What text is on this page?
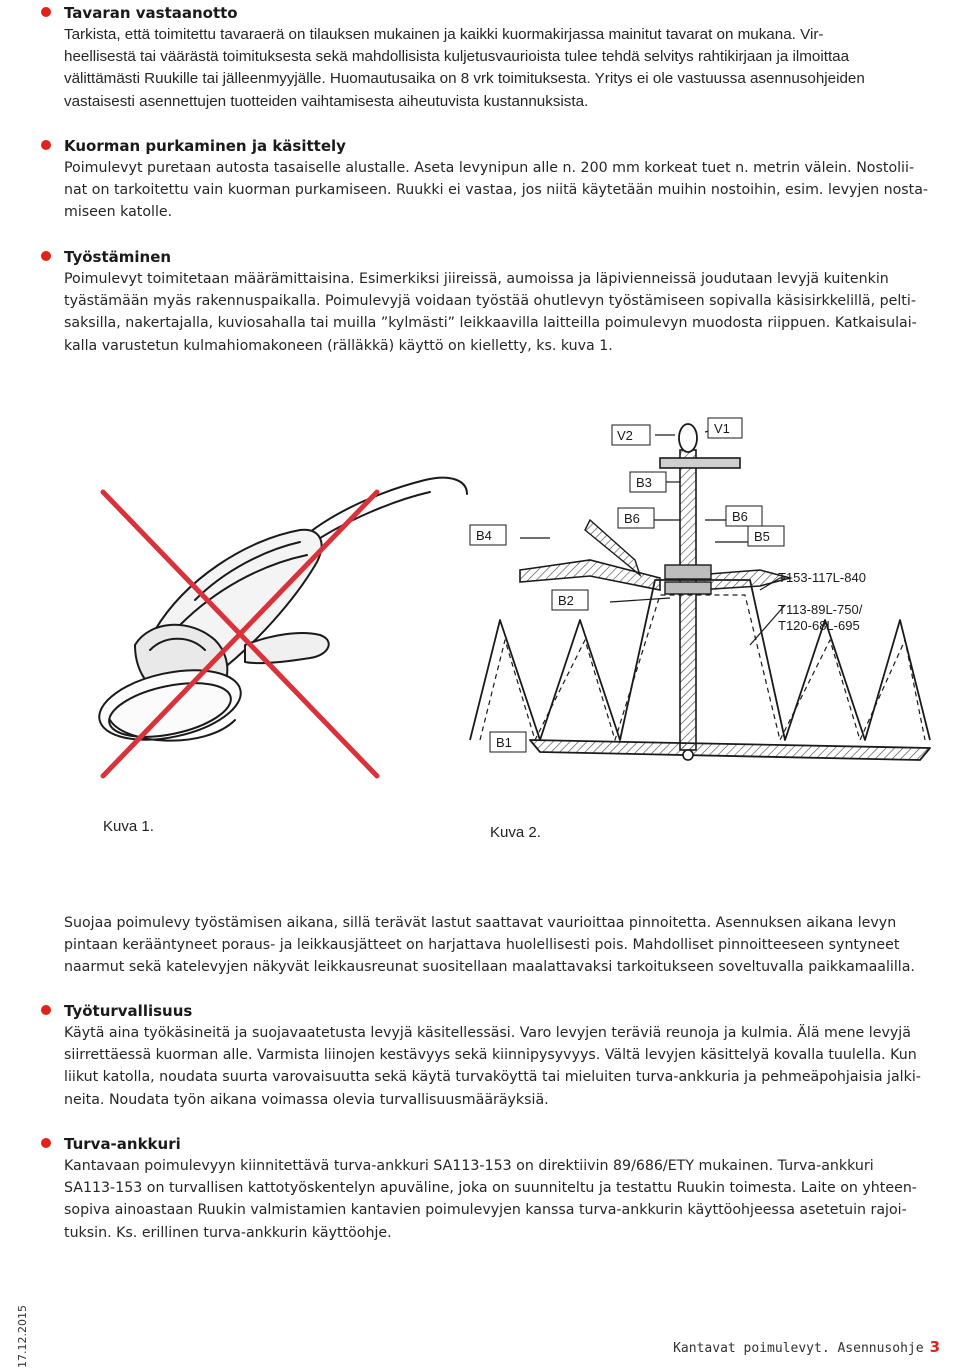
Tavaran vastaanotto
Tarkista, että toimitettu tavaraerä on tilauksen mukainen ja kaikki kuormakirjassa mainitut tavarat on mukana. Vir-
heellisestä tai väärästä toimituksesta sekä mahdollisista kuljetusvaurioista tulee tehdä selvitys rahtikirjaan ja ilmoittaa
välittämästi Ruukille tai jälleenmyyjälle. Huomautusaika on 8 vrk toimituksesta. Yritys ei ole vastuussa asennusohjeiden
vastaisesti asennettujen tuotteiden vaihtamisesta aiheutuvista kustannuksista.
Kuorman purkaminen ja käsittely
Poimulevyt puretaan autosta tasaiselle alustalle. Aseta levynipun alle n. 200 mm korkeat tuet n. metrin välein. Nostolii-
nat on tarkoitettu vain kuorman purkamiseen. Ruukki ei vastaa, jos niitä käytetään muihin nostoihin, esim. levyjen nosta-
miseen katolle.
Työstäminen
Poimulevyt toimitetaan määrämittaisina. Esimerkiksi jiireissä, aumoissa ja läpivienneissä joudutaan levyjä kuitenkin
tyästämään myäs rakennuspaikalla. Poimulevyjä voidaan työstää ohutlevyn työstämiseen sopivalla käsisirkkelillä, pelti-
saksilla, nakertajalla, kuviosahalla tai muilla ”kylmästi” leikkaavilla laitteilla poimulevyn muodosta riippuen. Katkaisulai-
kalla varustetun kulmahiomakoneen (rälläkkä) käyttö on kielletty, ks. kuva 1.
V2	V1
B3
B6	B6
B5
B4
B2
B1
T153-117L-840
T113-89L-750/
T120-68L-695
Kuva 1.	Kuva 2.
Suojaa poimulevy työstämisen aikana, sillä terävät lastut saattavat vaurioittaa pinnoitetta. Asennuksen aikana levyn
pintaan kerääntyneet poraus- ja leikkausjätteet on harjattava huolellisesti pois. Mahdolliset pinnoitteeseen syntyneet
naarmut sekä katelevyjen näkyvät leikkausreunat suositellaan maalattavaksi tarkoitukseen soveltuvalla paikkamaalilla.
Työturvallisuus
Käytä aina työkäsineitä ja suojavaatetusta levyjä käsitellessäsi. Varo levyjen teräviä reunoja ja kulmia. Älä mene levyjä
siirrettäessä kuorman alle. Varmista liinojen kestävyys sekä kiinnipysyvyys. Vältä levyjen käsittelyä kovalla tuulella. Kun
liikut katolla, noudata suurta varovaisuutta sekä käytä turvaköyttä tai mieluiten turva-ankkuria ja pehmeäpohjaisia jalki-
neita. Noudata työn aikana voimassa olevia turvallisuusmääräyksiä.
Turva-ankkuri
Kantavaan poimulevyyn kiinnitettävä turva-ankkuri SA113-153 on direktiivin 89/686/ETY mukainen. Turva-ankkuri
SA113-153 on turvallisen kattotyöskentelyn apuväline, joka on suunniteltu ja testattu Ruukin toimesta. Laite on yhteen-
sopiva ainoastaan Ruukin valmistamien kantavien poimulevyjen kanssa turva-ankkurin käyttöohjeessa asetetuin rajoi-
tuksin. Ks. erillinen turva-ankkurin käyttöohje.
17.12.2015	Kantavat poimulevyt. Asennusohje 3
